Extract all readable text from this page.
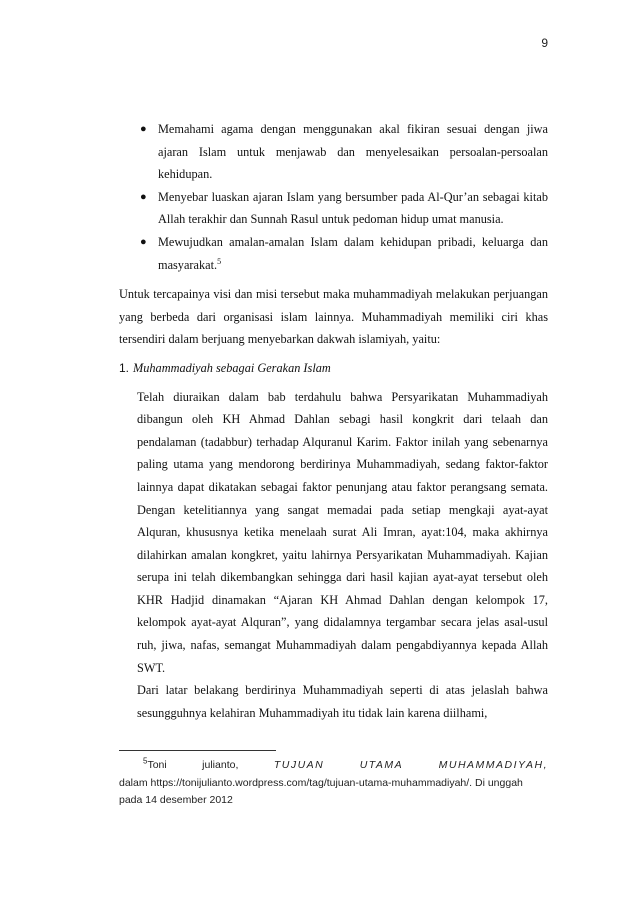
9
● Memahami agama dengan menggunakan akal fikiran sesuai dengan jiwa ajaran Islam untuk menjawab dan menyelesaikan persoalan-persoalan kehidupan.
● Menyebar luaskan ajaran Islam yang bersumber pada Al-Qur’an sebagai kitab Allah terakhir dan Sunnah Rasul untuk pedoman hidup umat manusia.
● Mewujudkan amalan-amalan Islam dalam kehidupan pribadi, keluarga dan masyarakat.$^5$

Untuk tercapainya visi dan misi tersebut maka muhammadiyah melakukan perjuangan yang berbeda dari organisasi islam lainnya. Muhammadiyah memiliki ciri khas tersendiri dalam berjuang menyebarkan dakwah islamiyah, yaitu:

1. Muhammadiyah sebagai Gerakan Islam

Telah diuraikan dalam bab terdahulu bahwa Persyarikatan Muhammadiyah dibangun oleh KH Ahmad Dahlan sebagi hasil kongkrit dari telaah dan pendalaman (tadabbur) terhadap Alquranul Karim. Faktor inilah yang sebenarnya paling utama yang mendorong berdirinya Muhammadiyah, sedang faktor-faktor lainnya dapat dikatakan sebagai faktor penunjang atau faktor perangsang semata. Dengan ketelitiannya yang sangat memadai pada setiap mengkaji ayat-ayat Alquran, khususnya ketika menelaah surat Ali Imran, ayat:104, maka akhirnya dilahirkan amalan kongkret, yaitu lahirnya Persyarikatan Muhammadiyah. Kajian serupa ini telah dikembangkan sehingga dari hasil kajian ayat-ayat tersebut oleh KHR Hadjid dinamakan “Ajaran KH Ahmad Dahlan dengan kelompok 17, kelompok ayat-ayat Alquran”, yang didalamnya tergambar secara jelas asal-usul ruh, jiwa, nafas, semangat Muhammadiyah dalam pengabdiyannya kepada Allah SWT.

Dari latar belakang berdirinya Muhammadiyah seperti di atas jelaslah bahwa sesungguhnya kelahiran Muhammadiyah itu tidak lain karena diilhami,

$^5$Toni	julianto,	TUJUAN	UTAMA	MUHAMMADIYAH,

dalam https://tonijulianto.wordpress.com/tag/tujuan-utama-muhammadiyah/. Di unggah pada 14 desember 2012
